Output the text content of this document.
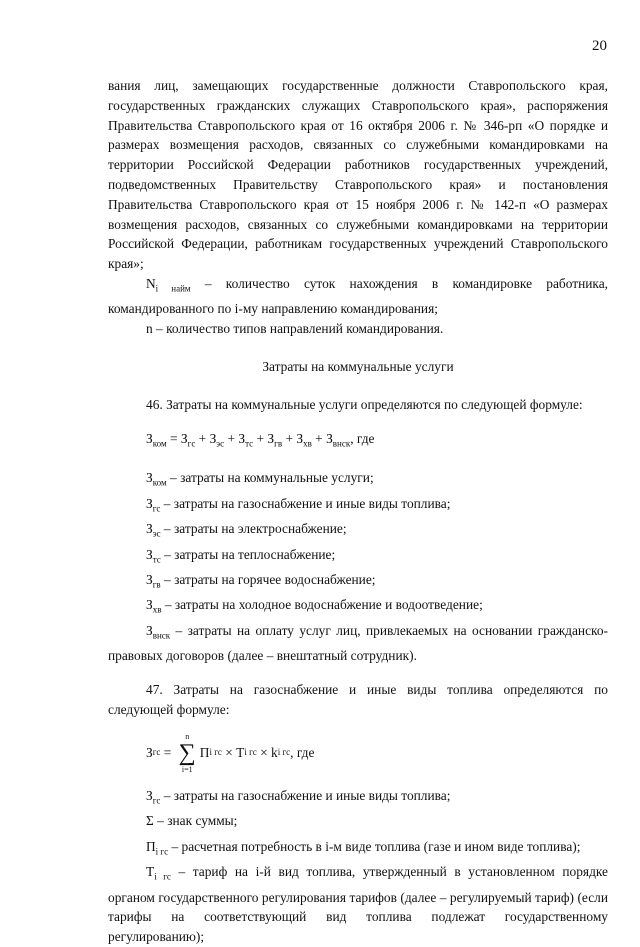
20

вания лиц, замещающих государственные должности Ставропольского края, государственных гражданских служащих Ставропольского края», распоряжения Правительства Ставропольского края от 16 октября 2006 г. № 346-рп «О порядке и размерах возмещения расходов, связанных со служебными командировками на территории Российской Федерации работников государственных учреждений, подведомственных Правительству Ставропольского края» и постановления Правительства Ставропольского края от 15 ноября 2006 г. № 142-п «О размерах возмещения расходов, связанных со служебными командировками на территории Российской Федерации, работникам государственных учреждений Ставропольского края»;

$N_{i найм}$ – количество суток нахождения в командировке работника, командированного по i-му направлению командирования;

n – количество типов направлений командирования.

Затраты на коммунальные услуги

46. Затраты на коммунальные услуги определяются по следующей формуле:

$З_{ком} = З_{гс} + З_{эс} + З_{тс} + З_{гв} + З_{хв} + З_{внск}$, где

$З_{ком}$ – затраты на коммунальные услуги;

$З_{гс}$ – затраты на газоснабжение и иные виды топлива;

$З_{эс}$ – затраты на электроснабжение;

$З_{тс}$ – затраты на теплоснабжение;

$З_{гв}$ – затраты на горячее водоснабжение;

$З_{хв}$ – затраты на холодное водоснабжение и водоотведение;

$З_{внск}$ – затраты на оплату услуг лиц, привлекаемых на основании гражданско-правовых договоров (далее – внештатный сотрудник).

47. Затраты на газоснабжение и иные виды топлива определяются по следующей формуле:

З гс =
n
∑
i=1
П i гс × Т i гс × k i гс , где

$З_{гс}$ – затраты на газоснабжение и иные виды топлива;

Σ – знак суммы;

$П_{i гс}$ – расчетная потребность в i-м виде топлива (газе и ином виде топлива);

$Т_{i гс}$ – тариф на i-й вид топлива, утвержденный в установленном порядке органом государственного регулирования тарифов (далее – регулируемый тариф) (если тарифы на соответствующий вид топлива подлежат государственному регулированию);
